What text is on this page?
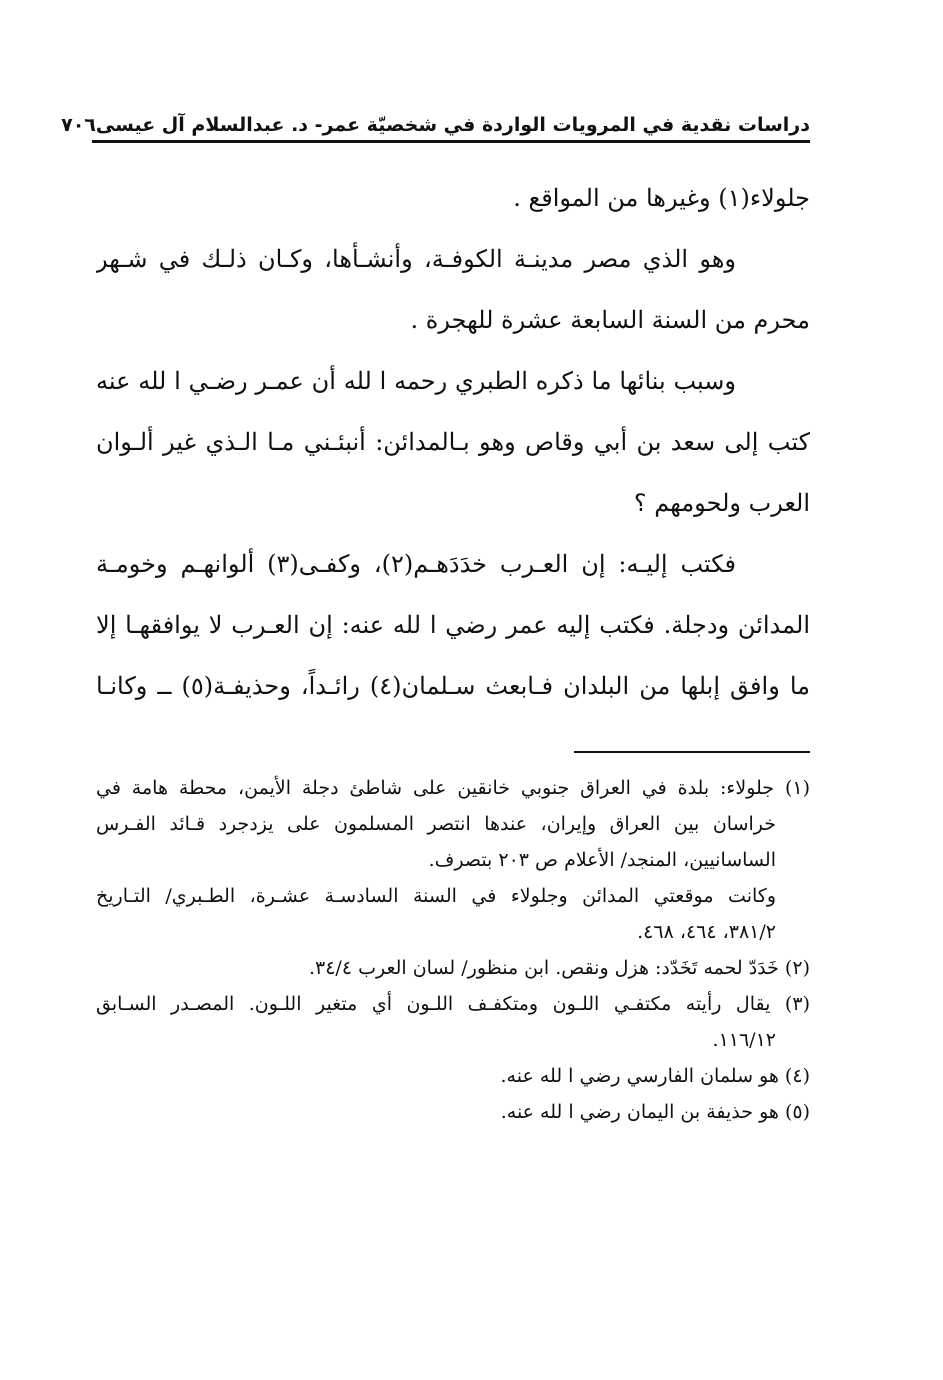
دراسات نقدية في المرويات الواردة في شخصيّة عمر- د. عبدالسلام آل عيسى
٧٠٦
جلولاء(١) وغيرها من المواقع .
وهو الذي مصر مدينـة الكوفـة، وأنشـأها، وكـان ذلـك في شـهر
محرم من السنة السابعة عشرة للهجرة .
وسبب بنائها ما ذكره الطبري رحمه ا لله أن عمـر رضـي ا لله عنه
كتب إلى سعد بن أبي وقاص وهو بـالمدائن: أنبئـني مـا الـذي غير ألـوان
العرب ولحومهم ؟
فكتب إليـه: إن العـرب خدَدَهـم(٢)، وكفـى(٣) ألوانهـم وخومـة
المدائن ودجلة. فكتب إليه عمر رضي ا لله عنه: إن العـرب لا يوافقهـا إلا
ما وافق إبلها من البلدان فـابعث سـلمان(٤) رائـداً، وحذيفـة(٥) ــ وكانـا
(١) جلولاء: بلدة في العراق جنوبي خانقين على شاطئ دجلة الأيمن، محطة هامة في
خراسان بين العراق وإيران، عندها انتصر المسلمون على يزدجرد قـائد الفـرس
الساسانيين، المنجد/ الأعلام ص ٢٠٣ بتصرف.
وكانت موقعتي المدائن وجلولاء في السنة السادسـة عشـرة، الطـبري/ التـاريخ
٣٨١/٢، ٤٦٤، ٤٦٨.
(٢) خَدَدّ لحمه تَخَدّد: هزل ونقص. ابن منظور/ لسان العرب ٣٤/٤.
(٣) يقال رأيته مكتفـي اللـون ومتكفـف اللـون أي متغير اللـون. المصـدر السـابق
١١٦/١٢.
(٤) هو سلمان الفارسي رضي ا لله عنه.
(٥) هو حذيفة بن اليمان رضي ا لله عنه.
